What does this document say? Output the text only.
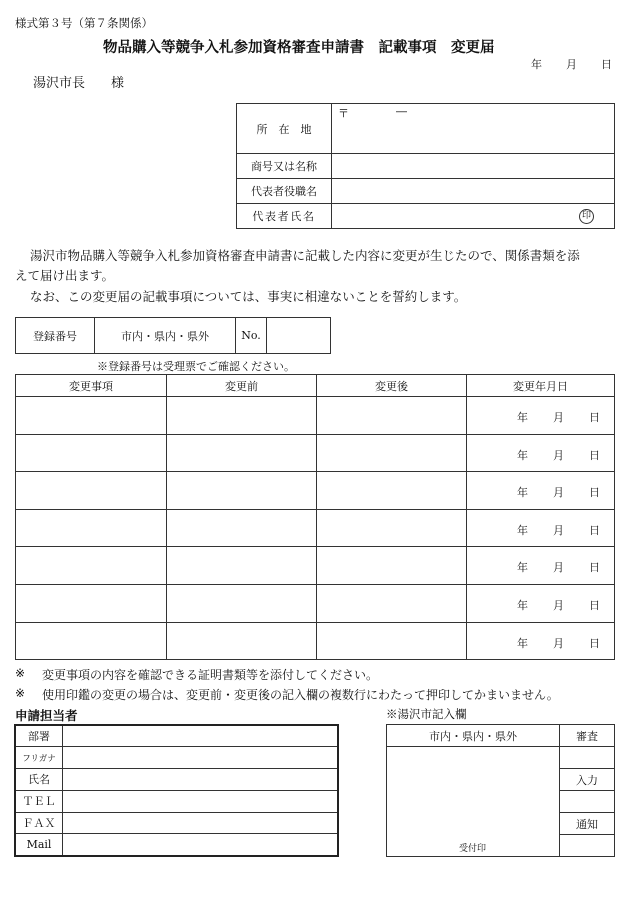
様式第３号（第７条関係）
物品購入等競争入札参加資格審査申請書　記載事項　変更届
年 月 日
湯沢市長　　様
所　在　地	〒 ―

商号又は名称	
代表者役職名	
代表者氏名	印
湯沢市物品購入等競争入札参加資格審査申請書に記載した内容に変更が生じたので、関係書類を添
えて届け出ます。
なお、この変更届の記載事項については、事実に相違ないことを誓約します。
登録番号	市内・県内・県外	No.	
※登録番号は受理票でご確認ください。
変更事項	変更前	変更後	変更年月日

			年 月 日

			年 月 日

			年 月 日

			年 月 日

			年 月 日

			年 月 日

			年 月 日
※ 変更事項の内容を確認できる証明書類等を添付してください。
※ 使用印鑑の変更の場合は、変更前・変更後の記入欄の複数行にわたって押印してかまいません。
申請担当者
部署	
フリガナ	
氏名	
ＴＥＬ	
ＦＡＸ	
Mail	
※湯沢市記入欄
市内・県内・県外	審査

受付印	

	入力

	通知
